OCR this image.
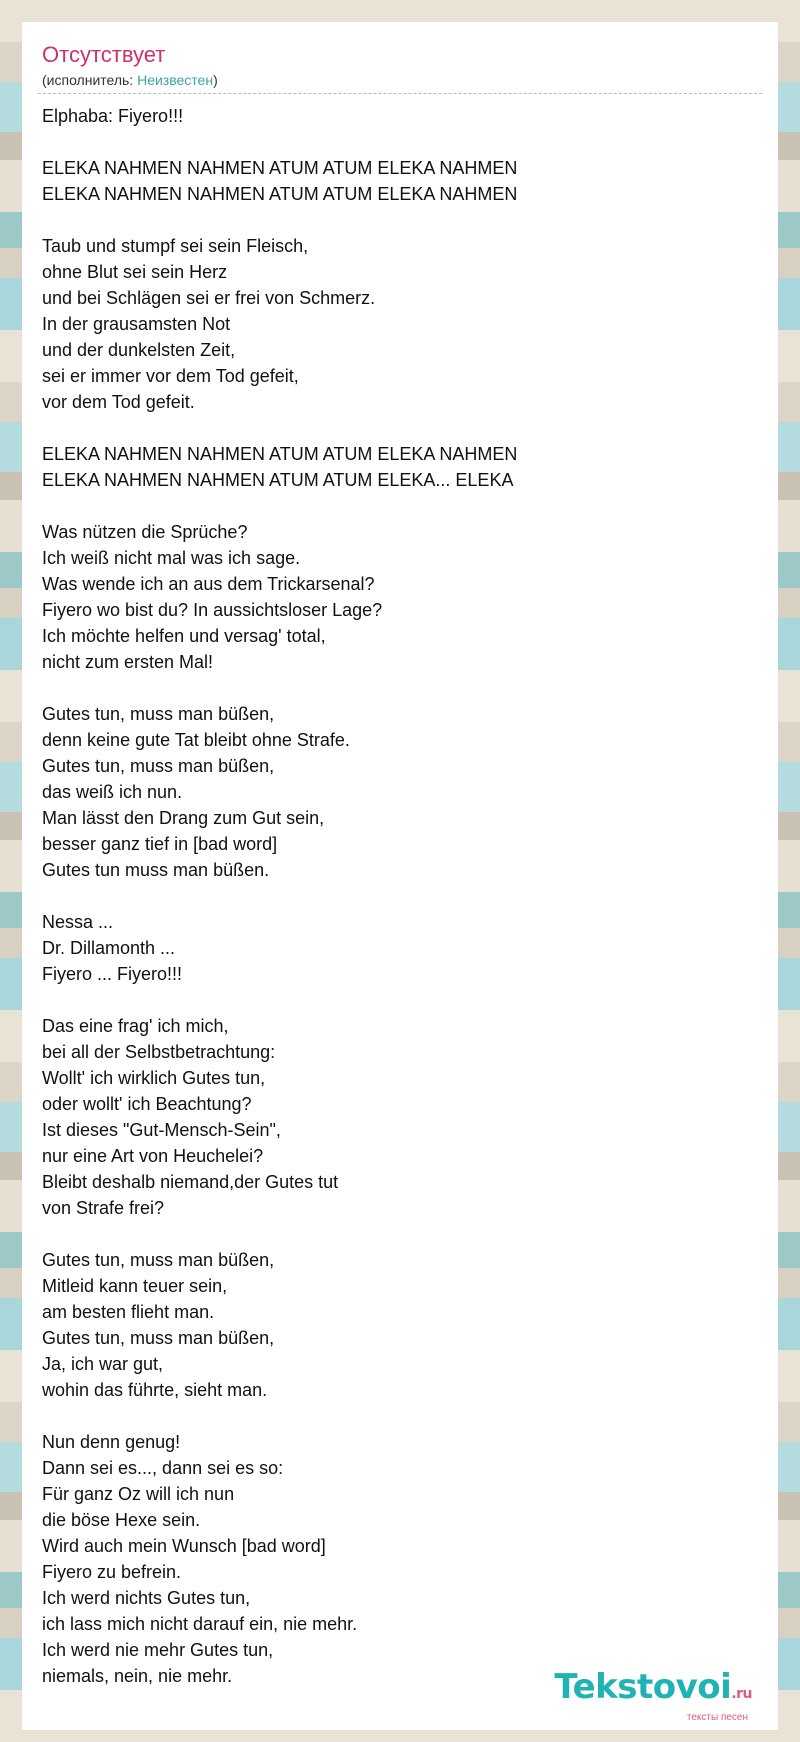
Отсутствует
(исполнитель: Неизвестен)
Elphaba: Fiyero!!!
ELEKA NAHMEN NAHMEN ATUM ATUM ELEKA NAHMEN
ELEKA NAHMEN NAHMEN ATUM ATUM ELEKA NAHMEN
Taub und stumpf sei sein Fleisch,
ohne Blut sei sein Herz
und bei Schlägen sei er frei von Schmerz.
In der grausamsten Not
und der dunkelsten Zeit,
sei er immer vor dem Tod gefeit,
vor dem Tod gefeit.
ELEKA NAHMEN NAHMEN ATUM ATUM ELEKA NAHMEN
ELEKA NAHMEN NAHMEN ATUM ATUM ELEKA... ELEKA
Was nützen die Sprüche?
Ich weiß nicht mal was ich sage.
Was wende ich an aus dem Trickarsenal?
Fiyero wo bist du? In aussichtsloser Lage?
Ich möchte helfen und versag' total,
nicht zum ersten Mal!
Gutes tun, muss man büßen,
denn keine gute Tat bleibt ohne Strafe.
Gutes tun, muss man büßen,
das weiß ich nun.
Man lässt den Drang zum Gut sein,
besser ganz tief in [bad word]
Gutes tun muss man büßen.
Nessa ...
Dr. Dillamonth ...
Fiyero ... Fiyero!!!
Das eine frag' ich mich,
bei all der Selbstbetrachtung:
Wollt' ich wirklich Gutes tun,
oder wollt' ich Beachtung?
Ist dieses "Gut-Mensch-Sein",
nur eine Art von Heuchelei?
Bleibt deshalb niemand,der Gutes tut
von Strafe frei?
Gutes tun, muss man büßen,
Mitleid kann teuer sein,
am besten flieht man.
Gutes tun, muss man büßen,
Ja, ich war gut,
wohin das führte, sieht man.
Nun denn genug!
Dann sei es..., dann sei es so:
Für ganz Oz will ich nun
die böse Hexe sein.
Wird auch mein Wunsch [bad word]
Fiyero zu befrein.
Ich werd nichts Gutes tun,
ich lass mich nicht darauf ein, nie mehr.
Ich werd nie mehr Gutes tun,
niemals, nein, nie mehr.	Tekstovoi.ru
тексты песен
